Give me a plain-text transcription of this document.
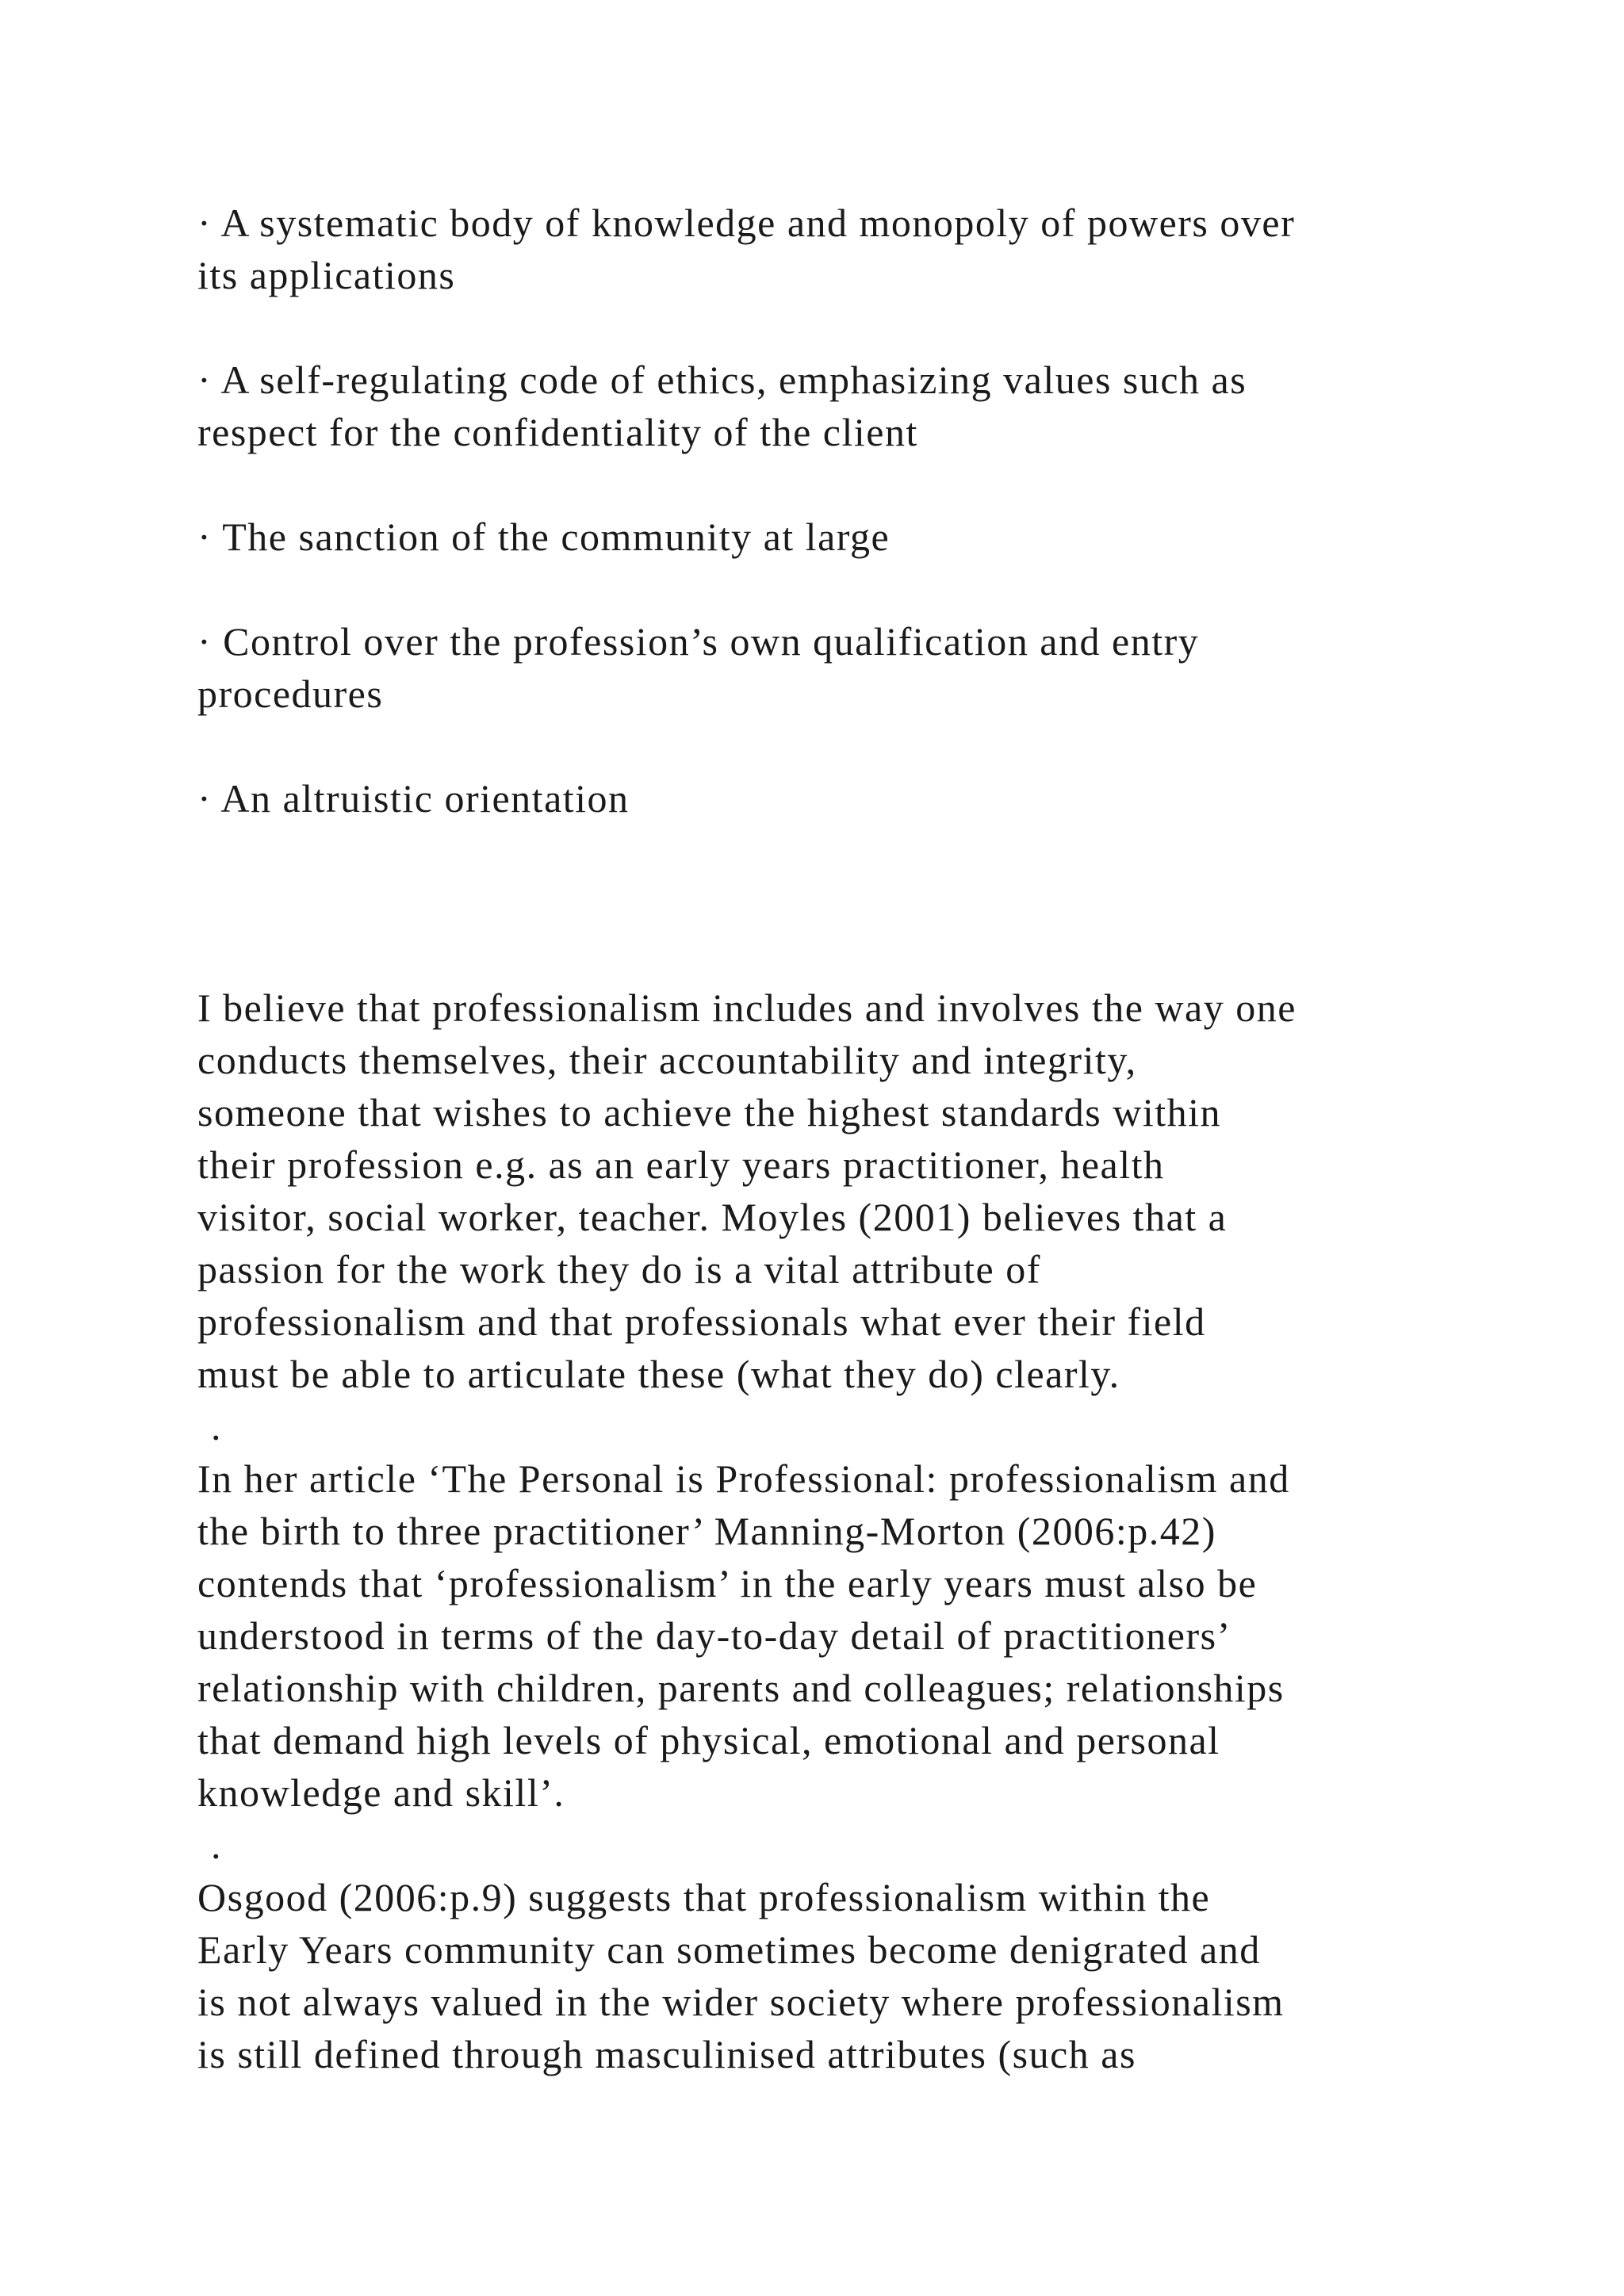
· A systematic body of knowledge and monopoly of powers over
its applications
· A self-regulating code of ethics, emphasizing values such as
respect for the confidentiality of the client
· The sanction of the community at large
· Control over the profession’s own qualification and entry
procedures
· An altruistic orientation
I believe that professionalism includes and involves the way one
conducts themselves, their accountability and integrity,
someone that wishes to achieve the highest standards within
their profession e.g. as an early years practitioner, health
visitor, social worker, teacher. Moyles (2001) believes that a
passion for the work they do is a vital attribute of
professionalism and that professionals what ever their field
must be able to articulate these (what they do) clearly.
.
In her article ‘The Personal is Professional: professionalism and
the birth to three practitioner’ Manning-Morton (2006:p.42)
contends that ‘professionalism’ in the early years must also be
understood in terms of the day-to-day detail of practitioners’
relationship with children, parents and colleagues; relationships
that demand high levels of physical, emotional and personal
knowledge and skill’.
.
Osgood (2006:p.9) suggests that professionalism within the
Early Years community can sometimes become denigrated and
is not always valued in the wider society where professionalism
is still defined through masculinised attributes (such as
